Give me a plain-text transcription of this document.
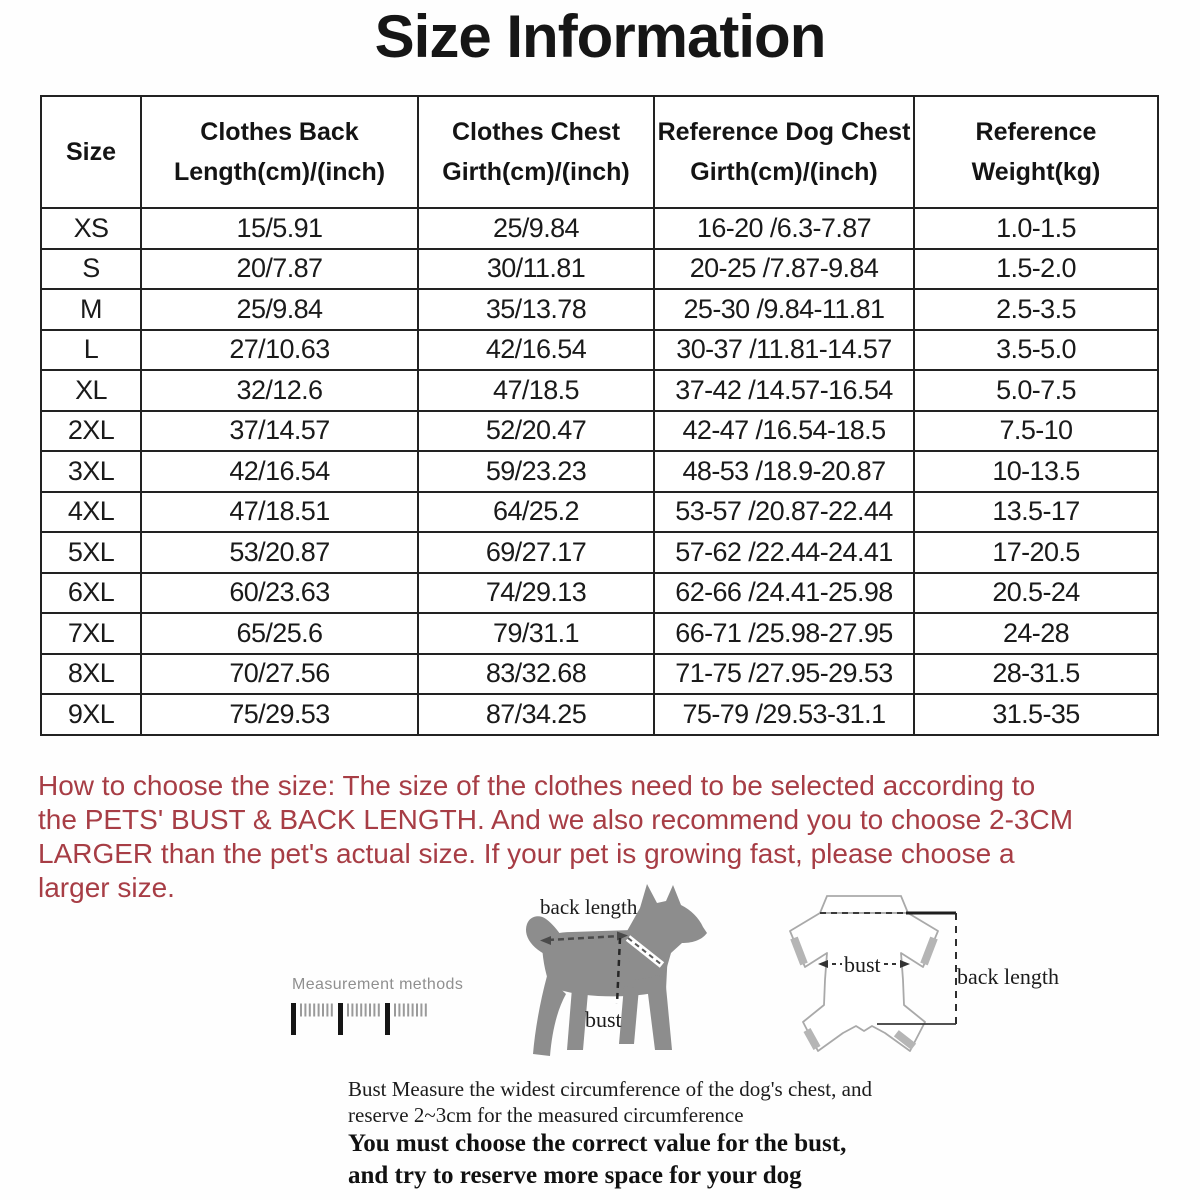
Size Information
Size	Clothes Back Length(cm)/(inch)	Clothes Chest Girth(cm)/(inch)	Reference Dog Chest Girth(cm)/(inch)	Reference Weight(kg)
XS	15/5.91	25/9.84	16-20 /6.3-7.87	1.0-1.5
S	20/7.87	30/11.81	20-25 /7.87-9.84	1.5-2.0
M	25/9.84	35/13.78	25-30 /9.84-11.81	2.5-3.5
L	27/10.63	42/16.54	30-37 /11.81-14.57	3.5-5.0
XL	32/12.6	47/18.5	37-42 /14.57-16.54	5.0-7.5
2XL	37/14.57	52/20.47	42-47 /16.54-18.5	7.5-10
3XL	42/16.54	59/23.23	48-53 /18.9-20.87	10-13.5
4XL	47/18.51	64/25.2	53-57 /20.87-22.44	13.5-17
5XL	53/20.87	69/27.17	57-62 /22.44-24.41	17-20.5
6XL	60/23.63	74/29.13	62-66 /24.41-25.98	20.5-24
7XL	65/25.6	79/31.1	66-71 /25.98-27.95	24-28
8XL	70/27.56	83/32.68	71-75 /27.95-29.53	28-31.5
9XL	75/29.53	87/34.25	75-79 /29.53-31.1	31.5-35
How to choose the size: The size of the clothes need to be selected according to
the PETS' BUST & BACK LENGTH. And we also recommend you to choose 2-3CM
LARGER than the pet's actual size. If your pet is growing fast, please choose a
larger size.
Measurement methods
back length
bust
bust	back length
Bust Measure the widest circumference of the dog's chest, and
reserve 2~3cm for the measured circumference
You must choose the correct value for the bust,
and try to reserve more space for your dog
